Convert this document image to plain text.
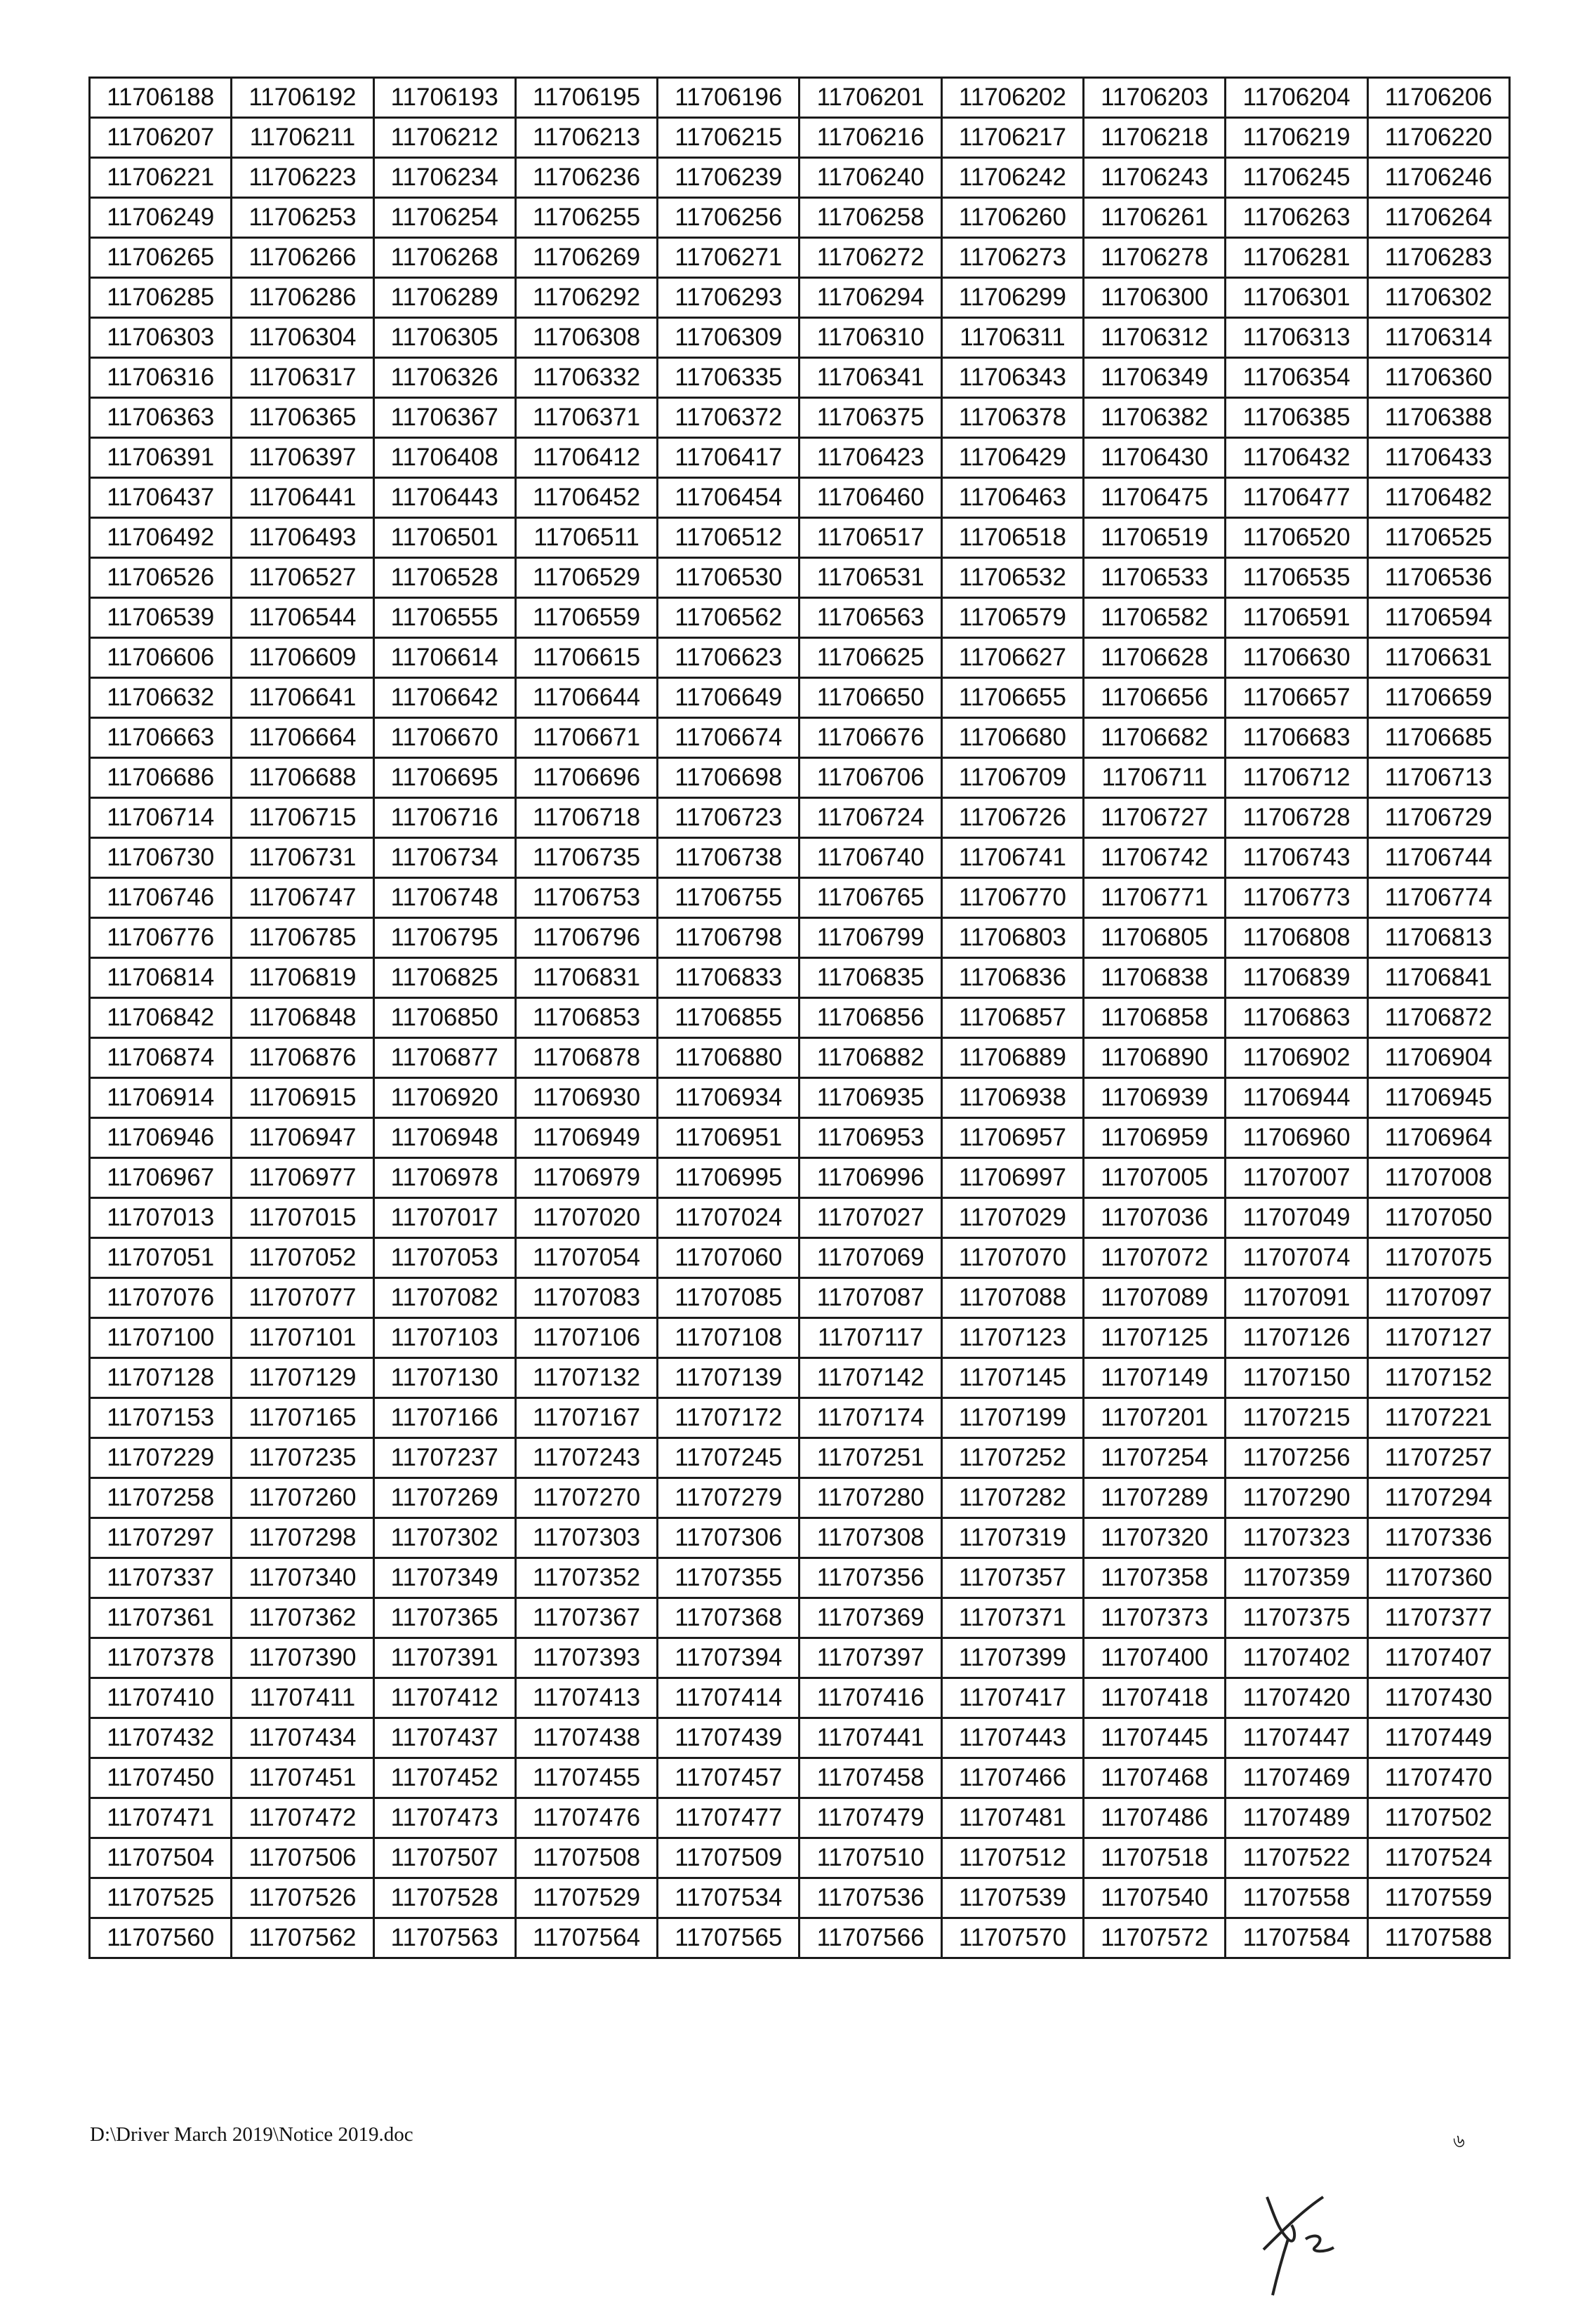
11706188	11706192	11706193	11706195	11706196	11706201	11706202	11706203	11706204	11706206
11706207	11706211	11706212	11706213	11706215	11706216	11706217	11706218	11706219	11706220
11706221	11706223	11706234	11706236	11706239	11706240	11706242	11706243	11706245	11706246
11706249	11706253	11706254	11706255	11706256	11706258	11706260	11706261	11706263	11706264
11706265	11706266	11706268	11706269	11706271	11706272	11706273	11706278	11706281	11706283
11706285	11706286	11706289	11706292	11706293	11706294	11706299	11706300	11706301	11706302
11706303	11706304	11706305	11706308	11706309	11706310	11706311	11706312	11706313	11706314
11706316	11706317	11706326	11706332	11706335	11706341	11706343	11706349	11706354	11706360
11706363	11706365	11706367	11706371	11706372	11706375	11706378	11706382	11706385	11706388
11706391	11706397	11706408	11706412	11706417	11706423	11706429	11706430	11706432	11706433
11706437	11706441	11706443	11706452	11706454	11706460	11706463	11706475	11706477	11706482
11706492	11706493	11706501	11706511	11706512	11706517	11706518	11706519	11706520	11706525
11706526	11706527	11706528	11706529	11706530	11706531	11706532	11706533	11706535	11706536
11706539	11706544	11706555	11706559	11706562	11706563	11706579	11706582	11706591	11706594
11706606	11706609	11706614	11706615	11706623	11706625	11706627	11706628	11706630	11706631
11706632	11706641	11706642	11706644	11706649	11706650	11706655	11706656	11706657	11706659
11706663	11706664	11706670	11706671	11706674	11706676	11706680	11706682	11706683	11706685
11706686	11706688	11706695	11706696	11706698	11706706	11706709	11706711	11706712	11706713
11706714	11706715	11706716	11706718	11706723	11706724	11706726	11706727	11706728	11706729
11706730	11706731	11706734	11706735	11706738	11706740	11706741	11706742	11706743	11706744
11706746	11706747	11706748	11706753	11706755	11706765	11706770	11706771	11706773	11706774
11706776	11706785	11706795	11706796	11706798	11706799	11706803	11706805	11706808	11706813
11706814	11706819	11706825	11706831	11706833	11706835	11706836	11706838	11706839	11706841
11706842	11706848	11706850	11706853	11706855	11706856	11706857	11706858	11706863	11706872
11706874	11706876	11706877	11706878	11706880	11706882	11706889	11706890	11706902	11706904
11706914	11706915	11706920	11706930	11706934	11706935	11706938	11706939	11706944	11706945
11706946	11706947	11706948	11706949	11706951	11706953	11706957	11706959	11706960	11706964
11706967	11706977	11706978	11706979	11706995	11706996	11706997	11707005	11707007	11707008
11707013	11707015	11707017	11707020	11707024	11707027	11707029	11707036	11707049	11707050
11707051	11707052	11707053	11707054	11707060	11707069	11707070	11707072	11707074	11707075
11707076	11707077	11707082	11707083	11707085	11707087	11707088	11707089	11707091	11707097
11707100	11707101	11707103	11707106	11707108	11707117	11707123	11707125	11707126	11707127
11707128	11707129	11707130	11707132	11707139	11707142	11707145	11707149	11707150	11707152
11707153	11707165	11707166	11707167	11707172	11707174	11707199	11707201	11707215	11707221
11707229	11707235	11707237	11707243	11707245	11707251	11707252	11707254	11707256	11707257
11707258	11707260	11707269	11707270	11707279	11707280	11707282	11707289	11707290	11707294
11707297	11707298	11707302	11707303	11707306	11707308	11707319	11707320	11707323	11707336
11707337	11707340	11707349	11707352	11707355	11707356	11707357	11707358	11707359	11707360
11707361	11707362	11707365	11707367	11707368	11707369	11707371	11707373	11707375	11707377
11707378	11707390	11707391	11707393	11707394	11707397	11707399	11707400	11707402	11707407
11707410	11707411	11707412	11707413	11707414	11707416	11707417	11707418	11707420	11707430
11707432	11707434	11707437	11707438	11707439	11707441	11707443	11707445	11707447	11707449
11707450	11707451	11707452	11707455	11707457	11707458	11707466	11707468	11707469	11707470
11707471	11707472	11707473	11707476	11707477	11707479	11707481	11707486	11707489	11707502
11707504	11707506	11707507	11707508	11707509	11707510	11707512	11707518	11707522	11707524
11707525	11707526	11707528	11707529	11707534	11707536	11707539	11707540	11707558	11707559
11707560	11707562	11707563	11707564	11707565	11707566	11707570	11707572	11707584	11707588
D:\Driver March 2019\Notice 2019.doc	৬
